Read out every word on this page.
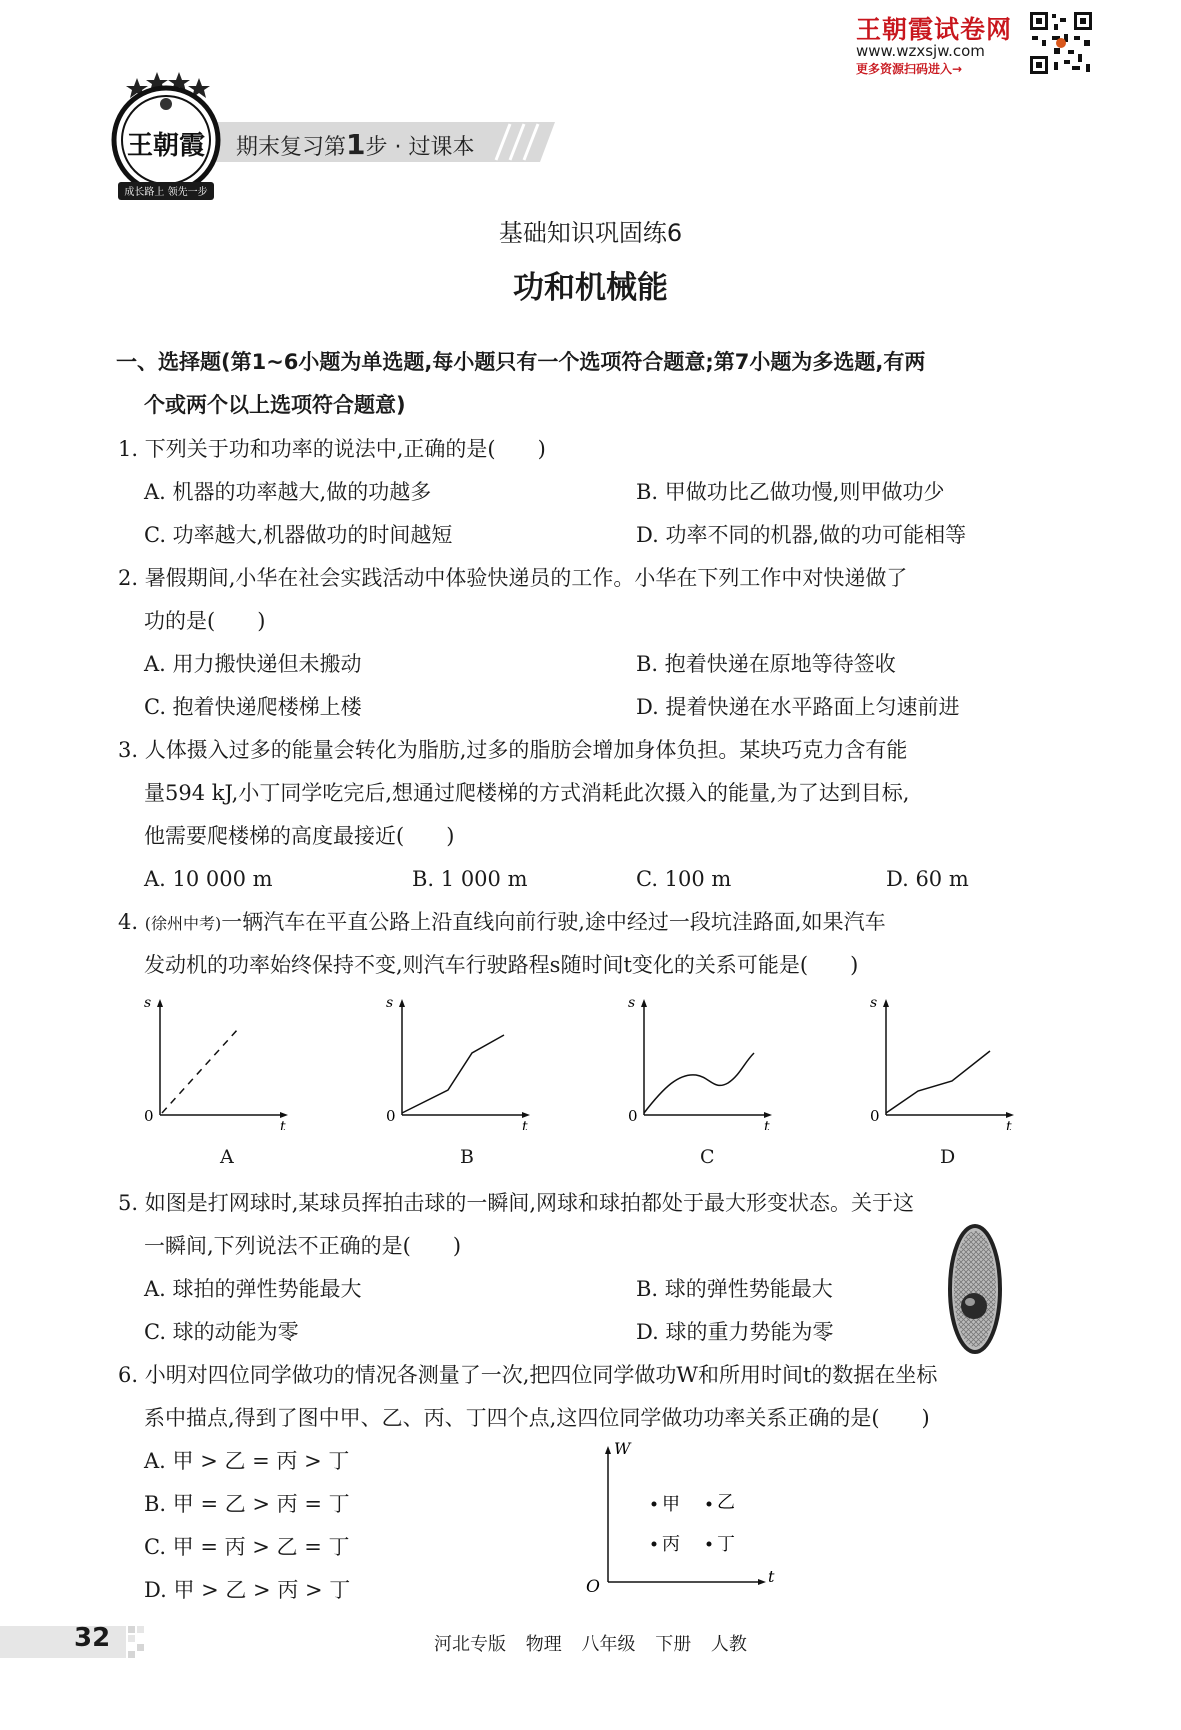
王朝霞试卷网
www.wzxsjw.com
更多资源扫码进入→
期末复习第1步 · 过课本
王朝霞
成长路上 领先一步
基础知识巩固练6
功和机械能
一、选择题(第1~6小题为单选题,每小题只有一个选项符合题意;第7小题为多选题,有两
个或两个以上选项符合题意)
1. 下列关于功和功率的说法中,正确的是(　　)
A. 机器的功率越大,做的功越多	B. 甲做功比乙做功慢,则甲做功少
C. 功率越大,机器做功的时间越短	D. 功率不同的机器,做的功可能相等
2. 暑假期间,小华在社会实践活动中体验快递员的工作。小华在下列工作中对快递做了
功的是(　　)
A. 用力搬快递但未搬动	B. 抱着快递在原地等待签收
C. 抱着快递爬楼梯上楼	D. 提着快递在水平路面上匀速前进
3. 人体摄入过多的能量会转化为脂肪,过多的脂肪会增加身体负担。某块巧克力含有能
量594 kJ,小丁同学吃完后,想通过爬楼梯的方式消耗此次摄入的能量,为了达到目标,
他需要爬楼梯的高度最接近(　　)
A. 10 000 m	B. 1 000 m	C. 100 m	D. 60 m
4. (徐州中考)一辆汽车在平直公路上沿直线向前行驶,途中经过一段坑洼路面,如果汽车
发动机的功率始终保持不变,则汽车行驶路程s随时间t变化的关系可能是(　　)
s
0
t
s
0
t
s
0
t
s
0
t
A	B	C	D
5. 如图是打网球时,某球员挥拍击球的一瞬间,网球和球拍都处于最大形变状态。关于这
一瞬间,下列说法不正确的是(　　)
A. 球拍的弹性势能最大	B. 球的弹性势能最大
C. 球的动能为零	D. 球的重力势能为零
6. 小明对四位同学做功的情况各测量了一次,把四位同学做功W和所用时间t的数据在坐标
系中描点,得到了图中甲、乙、丙、丁四个点,这四位同学做功功率关系正确的是(　　)
A. 甲 > 乙 = 丙 > 丁
B. 甲 = 乙 > 丙 = 丁
C. 甲 = 丙 > 乙 = 丁
D. 甲 > 乙 > 丙 > 丁
W
O
t
甲 乙
丙 丁
32	河北专版 物理 八年级 下册 人教
